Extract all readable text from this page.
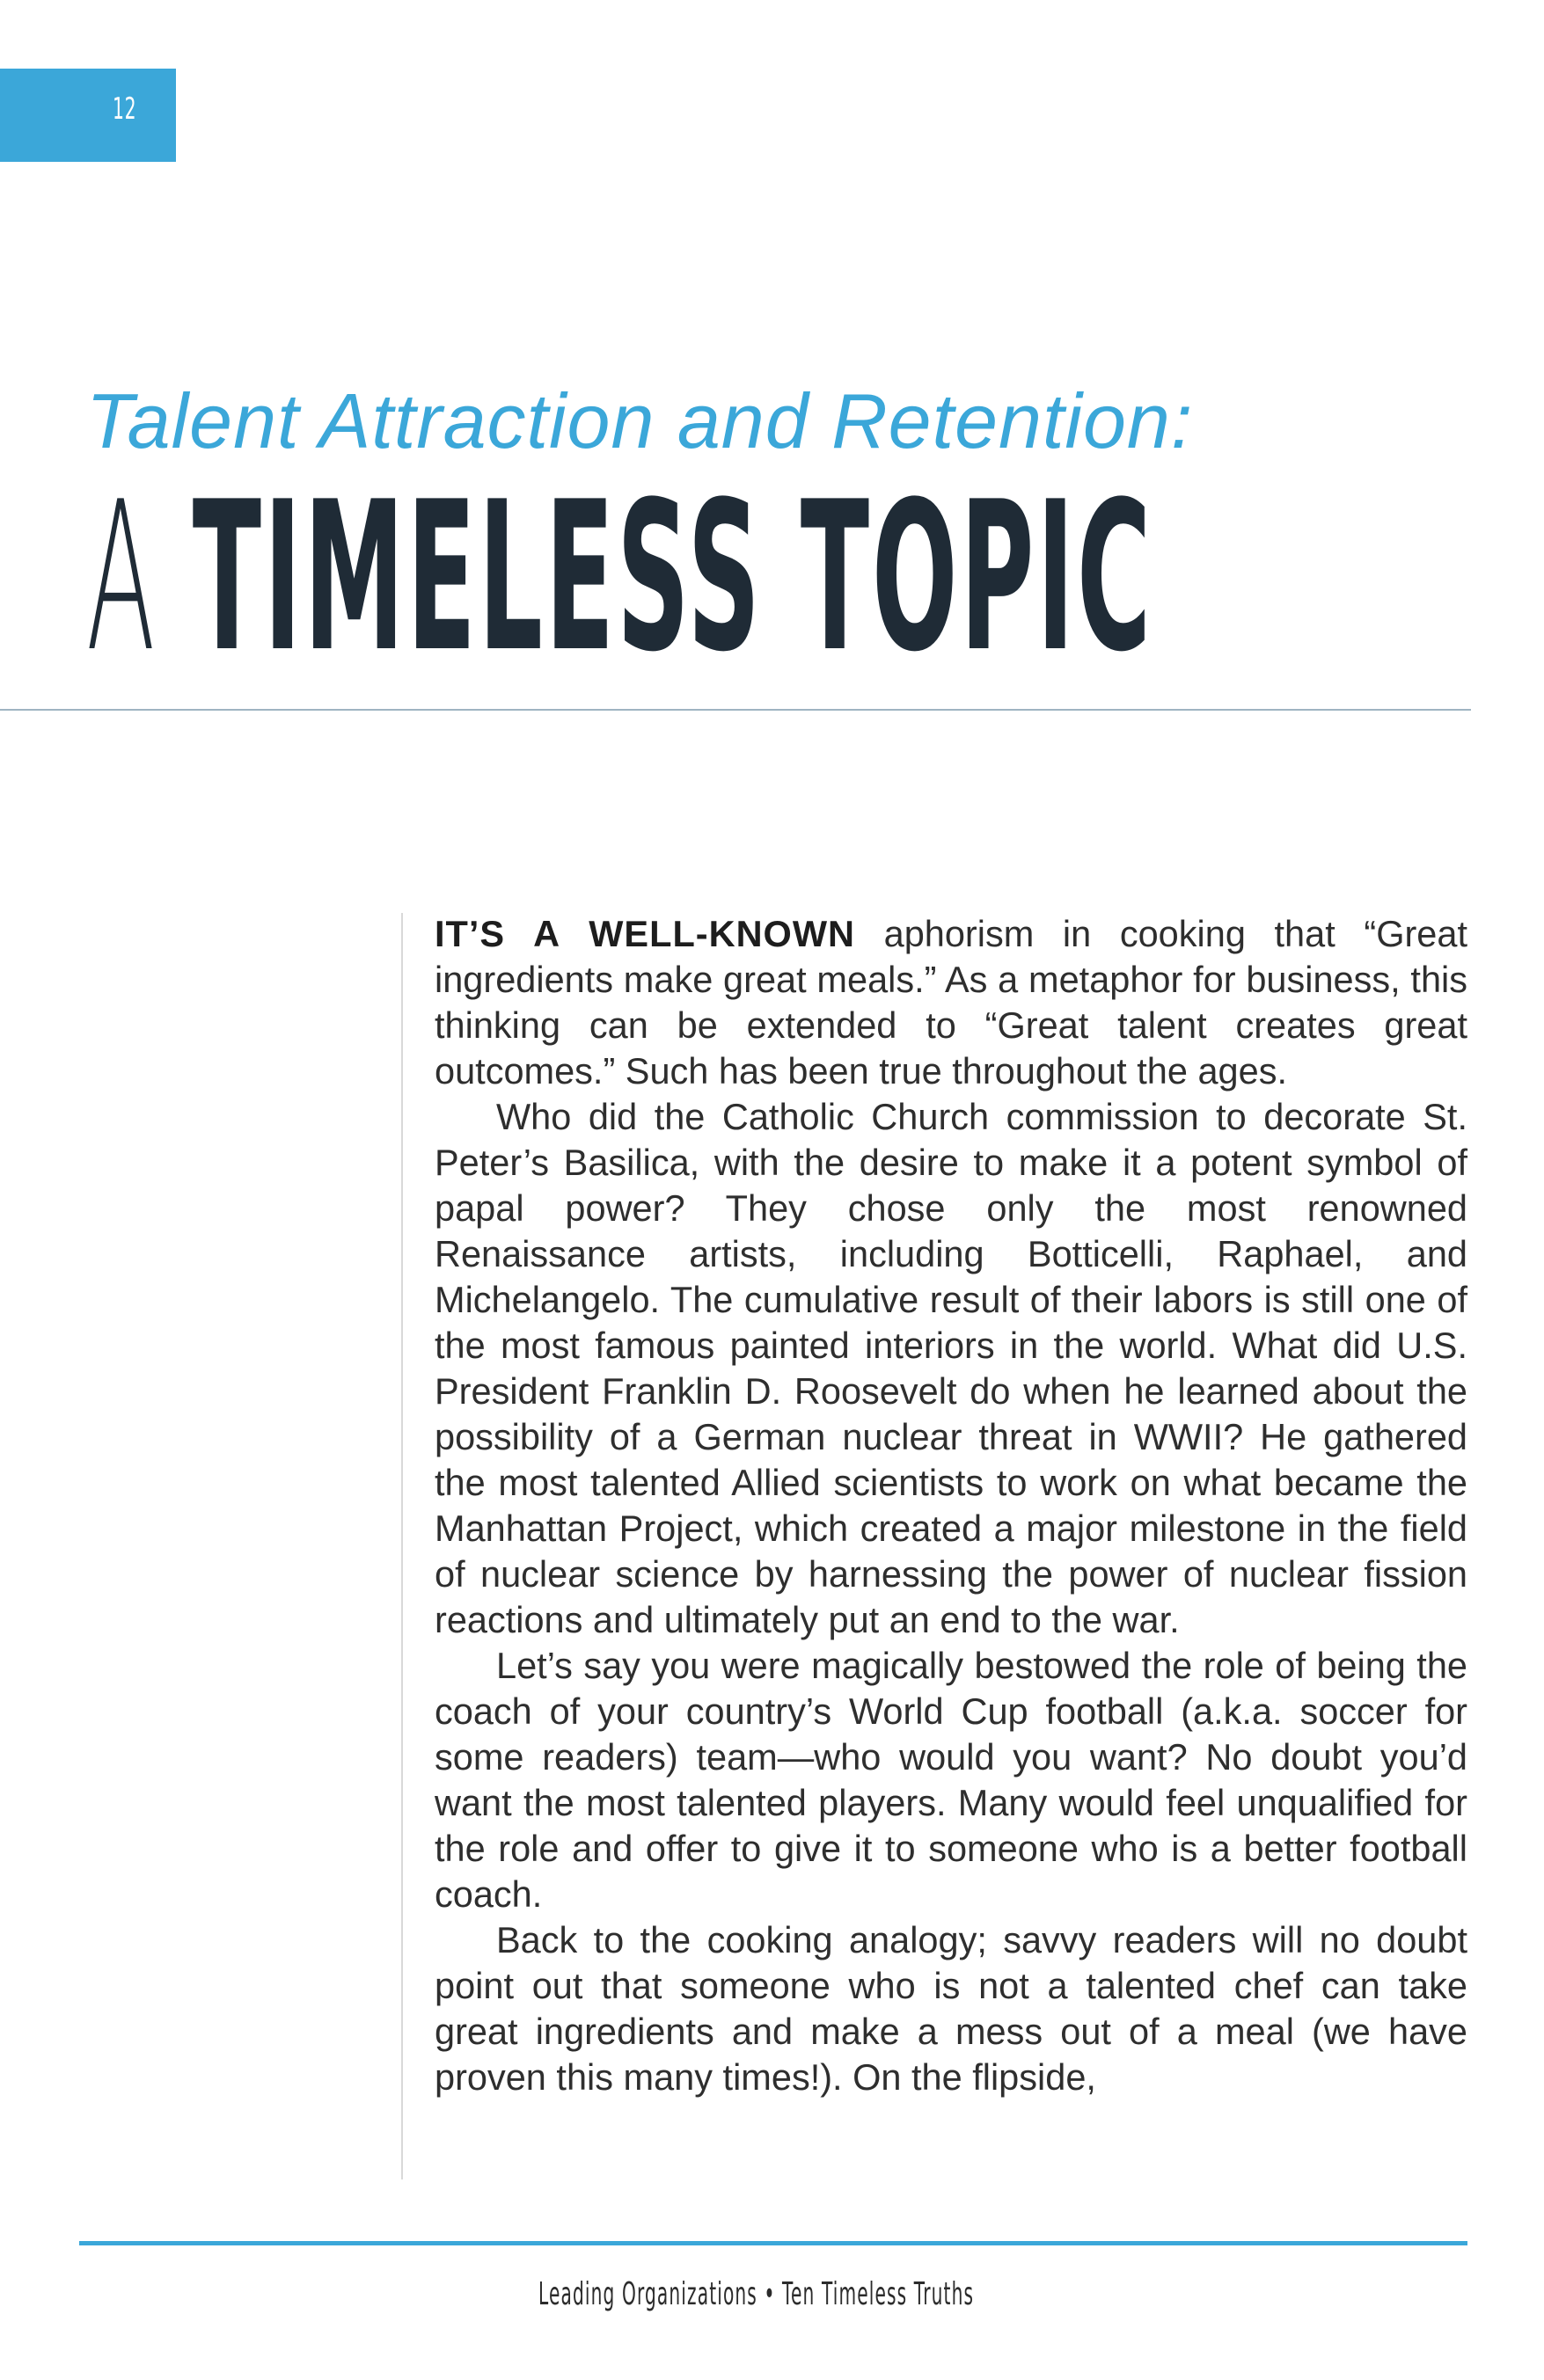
12
Talent Attraction and Retention:
A TIMELESS TOPIC

IT’S A WELL-KNOWN aphorism in cooking that “Great ingredients make great meals.” As a metaphor for business, this thinking can be extended to “Great talent creates great outcomes.” Such has been true throughout the ages.

Who did the Catholic Church commission to decorate St. Peter’s Basilica, with the desire to make it a potent symbol of papal power? They chose only the most renowned Renaissance artists, including Botticelli, Raphael, and Michelangelo. The cumulative result of their labors is still one of the most famous painted interiors in the world. What did U.S. President Franklin D. Roosevelt do when he learned about the possibility of a German nuclear threat in WWII? He gathered the most talented Allied scientists to work on what became the Manhattan Project, which created a major milestone in the field of nuclear science by harnessing the power of nuclear fission reactions and ultimately put an end to the war.

Let’s say you were magically bestowed the role of being the coach of your country’s World Cup football (a.k.a. soccer for some readers) team—who would you want? No doubt you’d want the most talented players. Many would feel unqualified for the role and offer to give it to someone who is a better football coach.

Back to the cooking analogy; savvy readers will no doubt point out that someone who is not a talented chef can take great ingredients and make a mess out of a meal (we have proven this many times!). On the flipside,

Leading Organizations • Ten Timeless Truths
